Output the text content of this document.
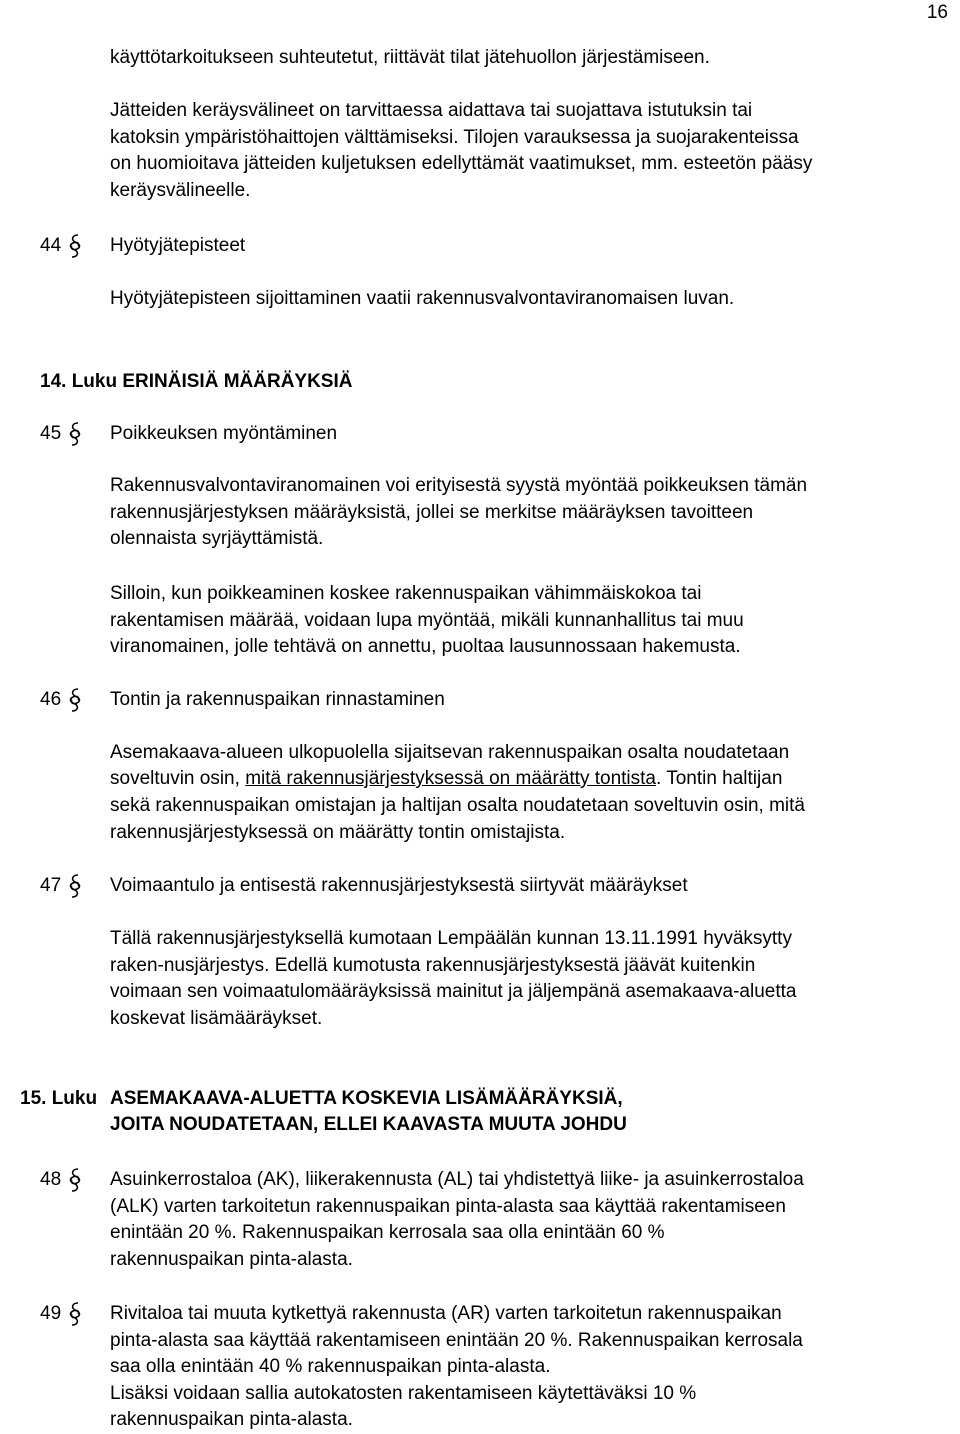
16

käyttötarkoitukseen suhteutetut, riittävät tilat jätehuollon järjestämiseen.

Jätteiden keräysvälineet on tarvittaessa aidattava tai suojattava istutuksin tai
katoksin ympäristöhaittojen välttämiseksi. Tilojen varauksessa ja suojarakenteissa
on huomioitava jätteiden kuljetuksen edellyttämät vaatimukset, mm. esteetön pääsy
keräysvälineelle.

44	Hyötyjätepisteet

Hyötyjätepisteen sijoittaminen vaatii rakennusvalvontaviranomaisen luvan.

14. Luku ERINÄISIÄ MÄÄRÄYKSIÄ
45	Poikkeuksen myöntäminen

Rakennusvalvontaviranomainen voi erityisestä syystä myöntää poikkeuksen tämän
rakennusjärjestyksen määräyksistä, jollei se merkitse määräyksen tavoitteen
olennaista syrjäyttämistä.

Silloin, kun poikkeaminen koskee rakennuspaikan vähimmäiskokoa tai
rakentamisen määrää, voidaan lupa myöntää, mikäli kunnanhallitus tai muu
viranomainen, jolle tehtävä on annettu, puoltaa lausunnossaan hakemusta.

46	Tontin ja rakennuspaikan rinnastaminen
Asemakaava-alueen ulkopuolella sijaitsevan rakennuspaikan osalta noudatetaan
soveltuvin osin, mitä rakennusjärjestyksessä on määrätty tontista. Tontin haltijan

sekä rakennuspaikan omistajan ja haltijan osalta noudatetaan soveltuvin osin, mitä
rakennusjärjestyksessä on määrätty tontin omistajista.

47	Voimaantulo ja entisestä rakennusjärjestyksestä siirtyvät määräykset

Tällä rakennusjärjestyksellä kumotaan Lempäälän kunnan 13.11.1991 hyväksytty
raken-nusjärjestys. Edellä kumotusta rakennusjärjestyksestä jäävät kuitenkin
voimaan sen voimaatulomääräyksissä mainitut ja jäljempänä asemakaava-aluetta
koskevat lisämääräykset.

15. Luku ASEMAKAAVA-ALUETTA KOSKEVIA LISÄMÄÄRÄYKSIÄ,
JOITA NOUDATETAAN, ELLEI KAAVASTA MUUTA JOHDU
48	Asuinkerrostaloa (AK), liikerakennusta (AL) tai yhdistettyä liike- ja asuinkerrostaloa
(ALK) varten tarkoitetun rakennuspaikan pinta-alasta saa käyttää rakentamiseen
enintään 20 %. Rakennuspaikan kerrosala saa olla enintään 60 %
rakennuspaikan pinta-alasta.

49	Rivitaloa tai muuta kytkettyä rakennusta (AR) varten tarkoitetun rakennuspaikan
pinta-alasta saa käyttää rakentamiseen enintään 20 %. Rakennuspaikan kerrosala
saa olla enintään 40 % rakennuspaikan pinta-alasta.
Lisäksi voidaan sallia autokatosten rakentamiseen käytettäväksi 10 %
rakennuspaikan pinta-alasta.
